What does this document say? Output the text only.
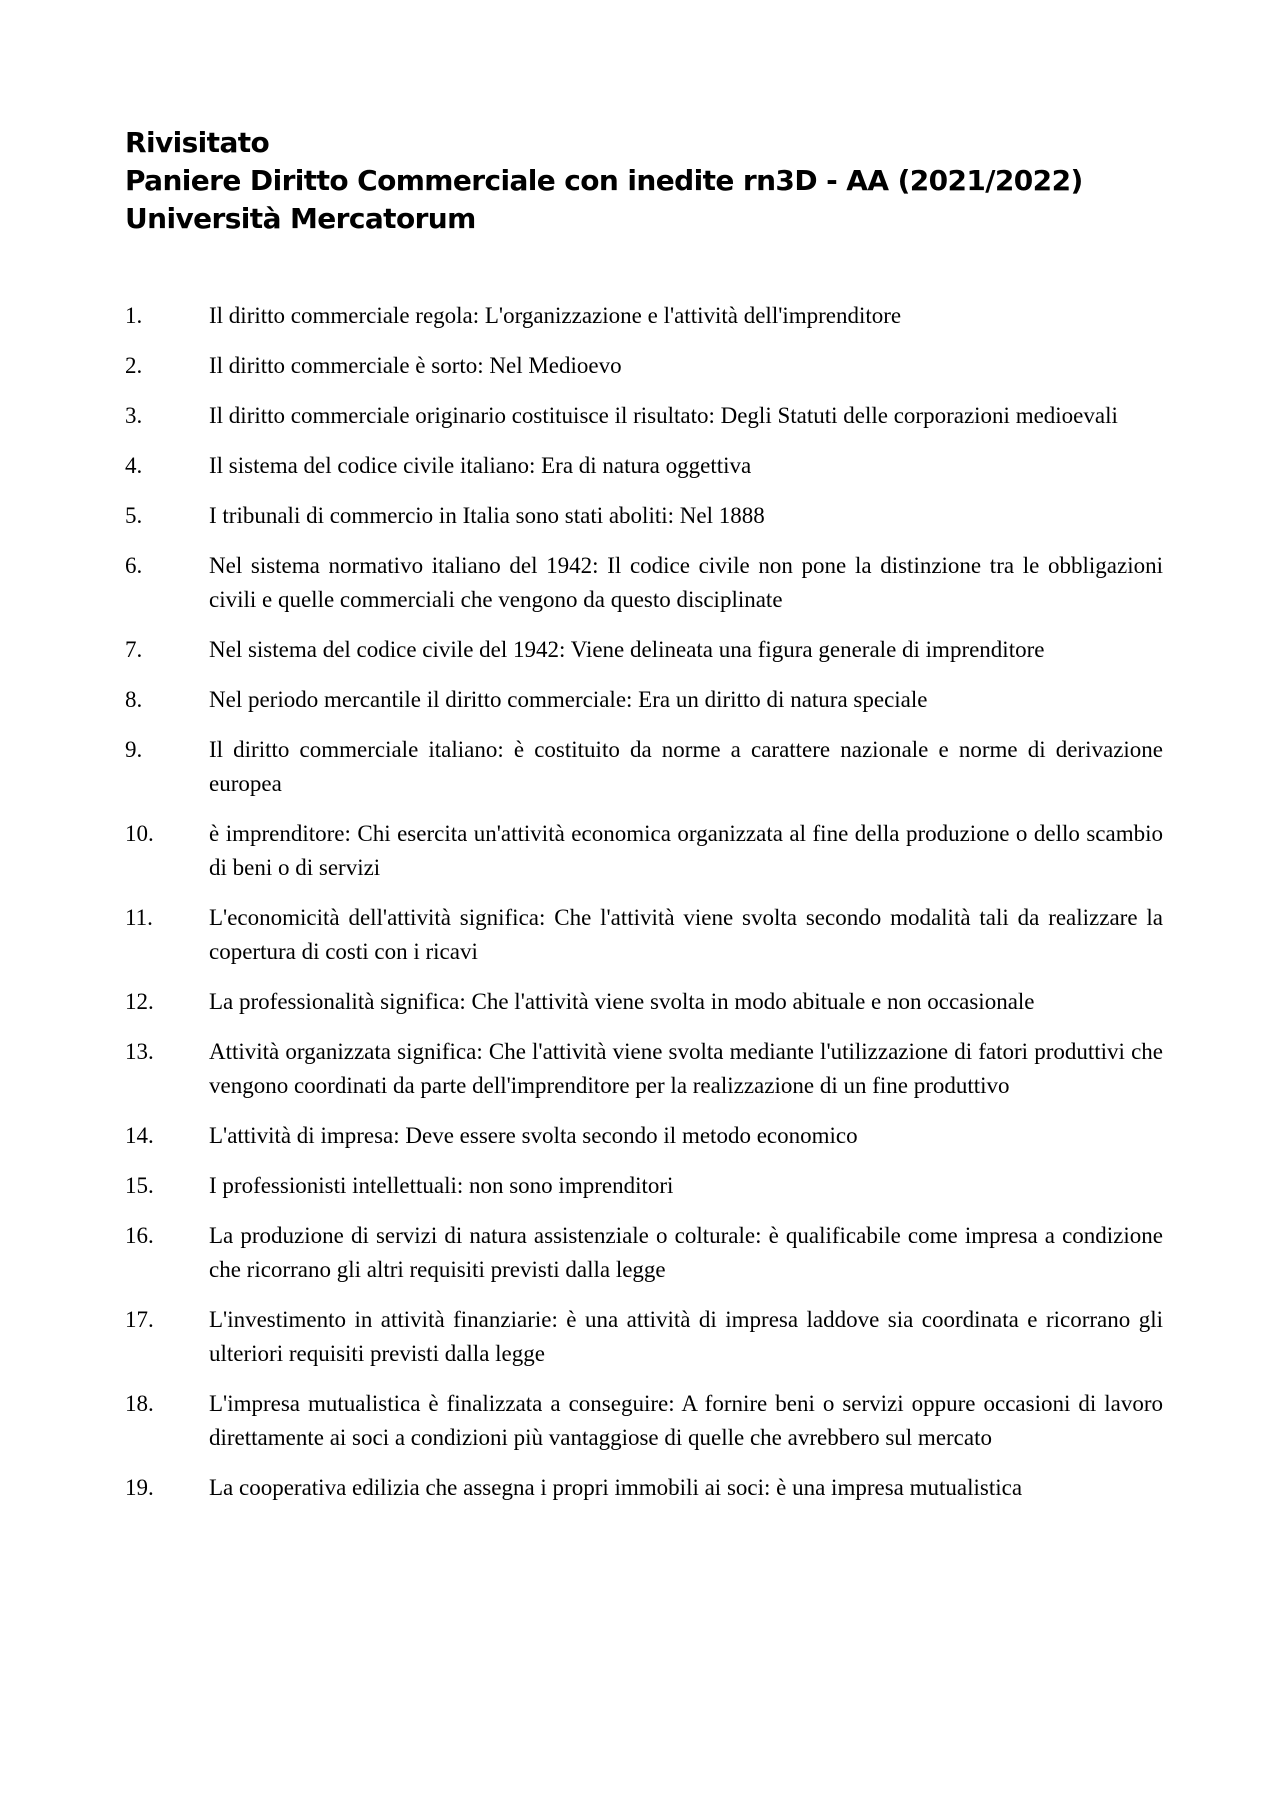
Rivisitato
Paniere Diritto Commerciale con inedite rn3D - AA (2021/2022)
Università Mercatorum
1.	Il diritto commerciale regola: L'organizzazione e l'attività dell'imprenditore
2.	Il diritto commerciale è sorto: Nel Medioevo
3.	Il diritto commerciale originario costituisce il risultato: Degli Statuti delle corporazioni medioevali
4.	Il sistema del codice civile italiano: Era di natura oggettiva
5.	I tribunali di commercio in Italia sono stati aboliti: Nel 1888
6.	Nel sistema normativo italiano del 1942: Il codice civile non pone la distinzione tra le obbligazioni civili e quelle commerciali che vengono da questo disciplinate
7.	Nel sistema del codice civile del 1942: Viene delineata una figura generale di imprenditore
8.	Nel periodo mercantile il diritto commerciale: Era un diritto di natura speciale
9.	Il diritto commerciale italiano: è costituito da norme a carattere nazionale e norme di derivazione europea
10.	è imprenditore: Chi esercita un'attività economica organizzata al fine della produzione o dello scambio di beni o di servizi
11.	L'economicità dell'attività significa: Che l'attività viene svolta secondo modalità tali da realizzare la copertura di costi con i ricavi
12.	La professionalità significa: Che l'attività viene svolta in modo abituale e non occasionale
13.	Attività organizzata significa: Che l'attività viene svolta mediante l'utilizzazione di fatori produttivi che vengono coordinati da parte dell'imprenditore per la realizzazione di un fine produttivo
14.	L'attività di impresa: Deve essere svolta secondo il metodo economico
15.	I professionisti intellettuali: non sono imprenditori
16.	La produzione di servizi di natura assistenziale o colturale: è qualificabile come impresa a condizione che ricorrano gli altri requisiti previsti dalla legge
17.	L'investimento in attività finanziarie: è una attività di impresa laddove sia coordinata e ricorrano gli ulteriori requisiti previsti dalla legge
18.	L'impresa mutualistica è finalizzata a conseguire: A fornire beni o servizi oppure occasioni di lavoro direttamente ai soci a condizioni più vantaggiose di quelle che avrebbero sul mercato
19.	La cooperativa edilizia che assegna i propri immobili ai soci: è una impresa mutualistica
